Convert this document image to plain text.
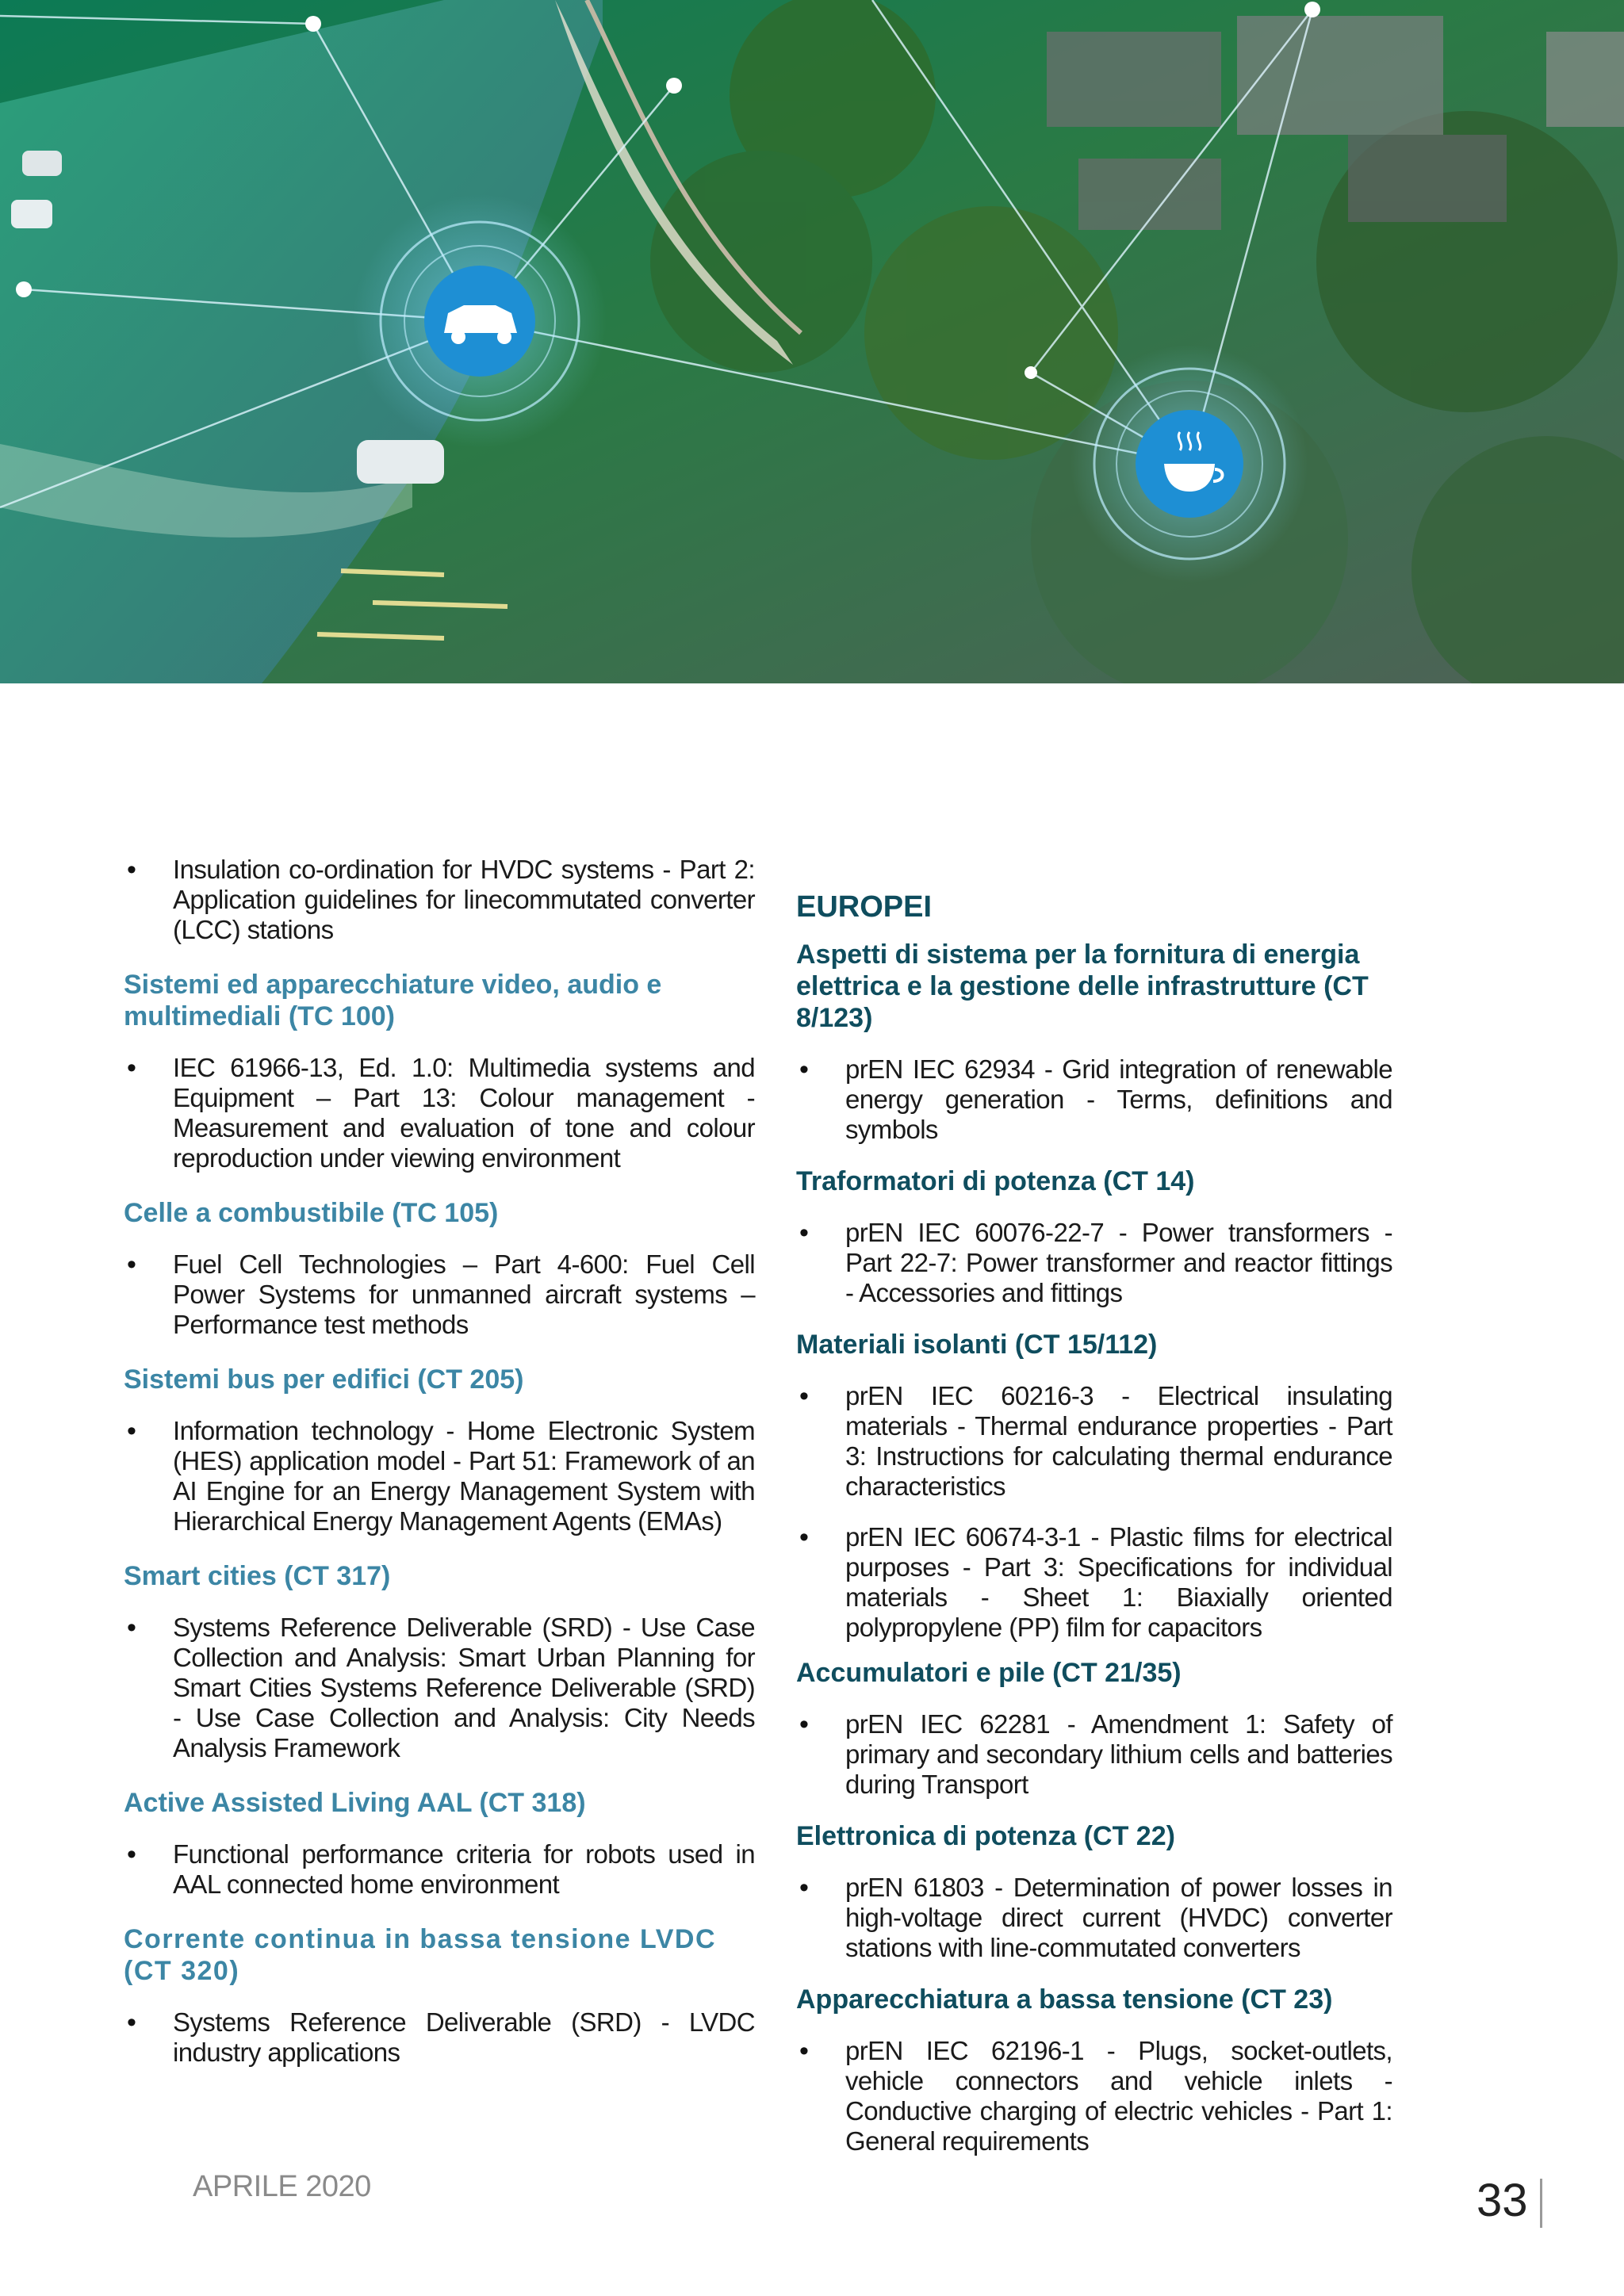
• Insulation co-ordination for HVDC systems - Part 2: Application guidelines for linecommutated converter (LCC) stations
Sistemi ed apparecchiature video, audio e multimediali (TC 100)
• IEC 61966-13, Ed. 1.0: Multimedia systems and Equipment – Part 13: Colour management - Measurement and evaluation of tone and colour reproduction under viewing environment
Celle a combustibile (TC 105)
• Fuel Cell Technologies – Part 4-600: Fuel Cell Power Systems for unmanned aircraft systems – Performance test methods
Sistemi bus per edifici (CT 205)
• Information technology - Home Electronic System (HES) application model - Part 51: Framework of an AI Engine for an Energy Management System with Hierarchical Energy Management Agents (EMAs)
Smart cities (CT 317)
• Systems Reference Deliverable (SRD) - Use Case Collection and Analysis: Smart Urban Planning for Smart Cities Systems Reference Deliverable (SRD) - Use Case Collection and Analysis: City Needs Analysis Framework
Active Assisted Living AAL (CT 318)
• Functional performance criteria for robots used in AAL connected home environment
Corrente continua in bassa tensione LVDC (CT 320)
• Systems Reference Deliverable (SRD) - LVDC industry applications
EUROPEI
Aspetti di sistema per la fornitura di energia elettrica e la gestione delle infrastrutture (CT 8/123)
• prEN IEC 62934 - Grid integration of renewable energy generation - Terms, definitions and symbols
Traformatori di potenza (CT 14)
• prEN IEC 60076-22-7 - Power transformers - Part 22-7: Power transformer and reactor fittings - Accessories and fittings
Materiali isolanti (CT 15/112)
• prEN IEC 60216-3 - Electrical insulating materials - Thermal endurance properties - Part 3: Instructions for calculating thermal endurance characteristics
• prEN IEC 60674-3-1 - Plastic films for electrical purposes - Part 3: Specifications for individual materials - Sheet 1: Biaxially oriented polypropylene (PP) film for capacitors
Accumulatori e pile (CT 21/35)
• prEN IEC 62281 - Amendment 1: Safety of primary and secondary lithium cells and batteries during Transport
Elettronica di potenza (CT 22)
• prEN 61803 - Determination of power losses in high-voltage direct current (HVDC) converter stations with line-commutated converters
Apparecchiatura a bassa tensione (CT 23)
• prEN IEC 62196-1 - Plugs, socket-outlets, vehicle connectors and vehicle inlets - Conductive charging of electric vehicles - Part 1: General requirements
APRILE 2020	33
